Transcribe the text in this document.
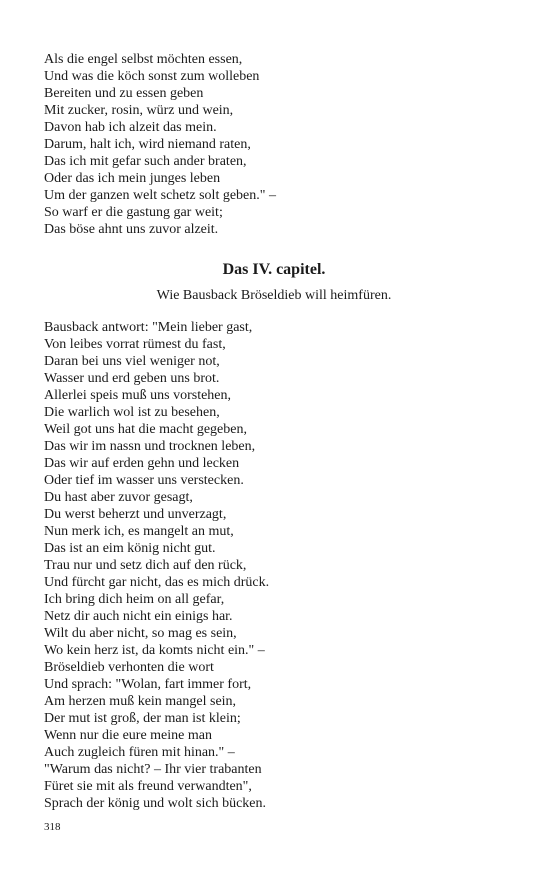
Als die engel selbst möchten essen,
Und was die köch sonst zum wolleben
Bereiten und zu essen geben
Mit zucker, rosin, würz und wein,
Davon hab ich alzeit das mein.
Darum, halt ich, wird niemand raten,
Das ich mit gefar such ander braten,
Oder das ich mein junges leben
Um der ganzen welt schetz solt geben." –
So warf er die gastung gar weit;
Das böse ahnt uns zuvor alzeit.
Das IV. capitel.

Wie Bausback Bröseldieb will heimfüren.

Bausback antwort: "Mein lieber gast,
Von leibes vorrat rümest du fast,
Daran bei uns viel weniger not,
Wasser und erd geben uns brot.
Allerlei speis muß uns vorstehen,
Die warlich wol ist zu besehen,
Weil got uns hat die macht gegeben,
Das wir im nassn und trocknen leben,
Das wir auf erden gehn und lecken
Oder tief im wasser uns verstecken.
Du hast aber zuvor gesagt,
Du werst beherzt und unverzagt,
Nun merk ich, es mangelt an mut,
Das ist an eim könig nicht gut.
Trau nur und setz dich auf den rück,
Und fürcht gar nicht, das es mich drück.
Ich bring dich heim on all gefar,
Netz dir auch nicht ein einigs har.
Wilt du aber nicht, so mag es sein,
Wo kein herz ist, da komts nicht ein." –
Bröseldieb verhonten die wort
Und sprach: "Wolan, fart immer fort,
Am herzen muß kein mangel sein,
Der mut ist groß, der man ist klein;
Wenn nur die eure meine man
Auch zugleich füren mit hinan." –
"Warum das nicht? – Ihr vier trabanten
Füret sie mit als freund verwandten",
Sprach der könig und wolt sich bücken.
318
